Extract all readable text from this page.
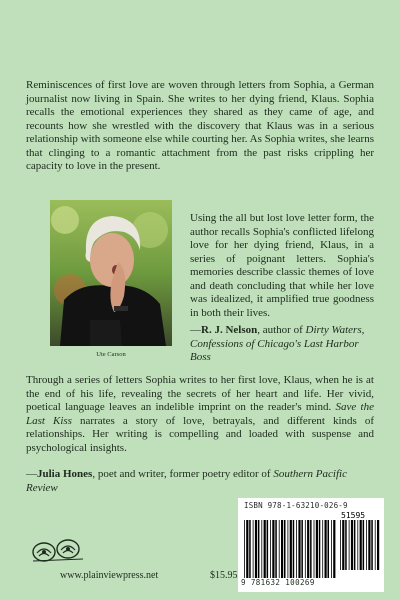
Reminiscences of first love are woven through letters from Sophia, a German journalist now living in Spain. She writes to her dying friend, Klaus. Sophia recalls the emotional experiences they shared as they came of age, and recounts how she wrestled with the discovery that Klaus was in a serious relationship with someone else while courting her. As Sophia writes, she learns that clinging to a romantic attachment from the past risks crippling her capacity to love in the present.

Ute Carson

Using the all but lost love letter form, the author recalls Sophia's conflicted lifelong love for her dying friend, Klaus, in a series of poignant letters. Sophia's memories describe classic themes of love and death concluding that while her love was idealized, it amplified true goodness in both their lives.

—R. J. Nelson, author of Dirty Waters, Confessions of Chicago's Last Harbor Boss

Through a series of letters Sophia writes to her first love, Klaus, when he is at the end of his life, revealing the secrets of her heart and life. Her vivid, poetical language leaves an indelible imprint on the reader's mind. Save the Last Kiss narrates a story of love, betrayals, and different kinds of relationships. Her writing is compelling and loaded with suspense and psychological insights.

—Julia Hones, poet and writer, former poetry editor of Southern Pacific Review

www.plainviewpress.net	$15.95
ISBN 978-1-63210-026-9
51595
9 781632 100269
